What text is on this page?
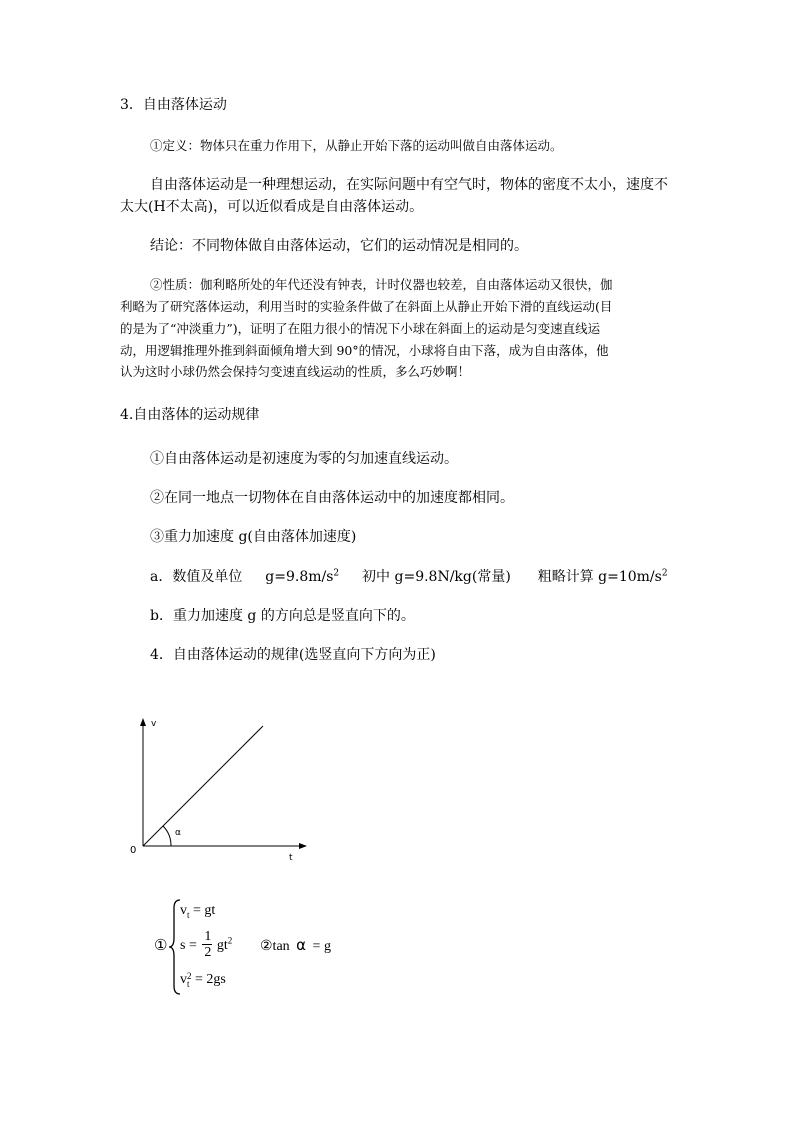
3．自由落体运动
①定义：物体只在重力作用下，从静止开始下落的运动叫做自由落体运动。
自由落体运动是一种理想运动，在实际问题中有空气时，物体的密度不太小，速度不
太大(H不太高)，可以近似看成是自由落体运动。
结论：不同物体做自由落体运动，它们的运动情况是相同的。
②性质：伽利略所处的年代还没有钟表，计时仪器也较差，自由落体运动又很快，伽
利略为了研究落体运动，利用当时的实验条件做了在斜面上从静止开始下滑的直线运动(目
的是为了“冲淡重力”)，证明了在阻力很小的情况下小球在斜面上的运动是匀变速直线运
动，用逻辑推理外推到斜面倾角增大到 90°的情况，小球将自由下落，成为自由落体，他
认为这时小球仍然会保持匀变速直线运动的性质，多么巧妙啊！
4.自由落体的运动规律
①自由落体运动是初速度为零的匀加速直线运动。
②在同一地点一切物体在自由落体运动中的加速度都相同。
③重力加速度 g(自由落体加速度)
a．数值及单位 $g=9.8m/s^2$ 初中 g=9.8N/kg(常量) 粗略计算 $g=10m/s^2$
b．重力加速度 g 的方向总是竖直向下的。
4．自由落体运动的规律(选竖直向下方向为正)
v
t
0
α
①
$v_t$ = gt
$s = \frac{1}{2} gt^2$
v 2
t = 2gs
②tan α = g
